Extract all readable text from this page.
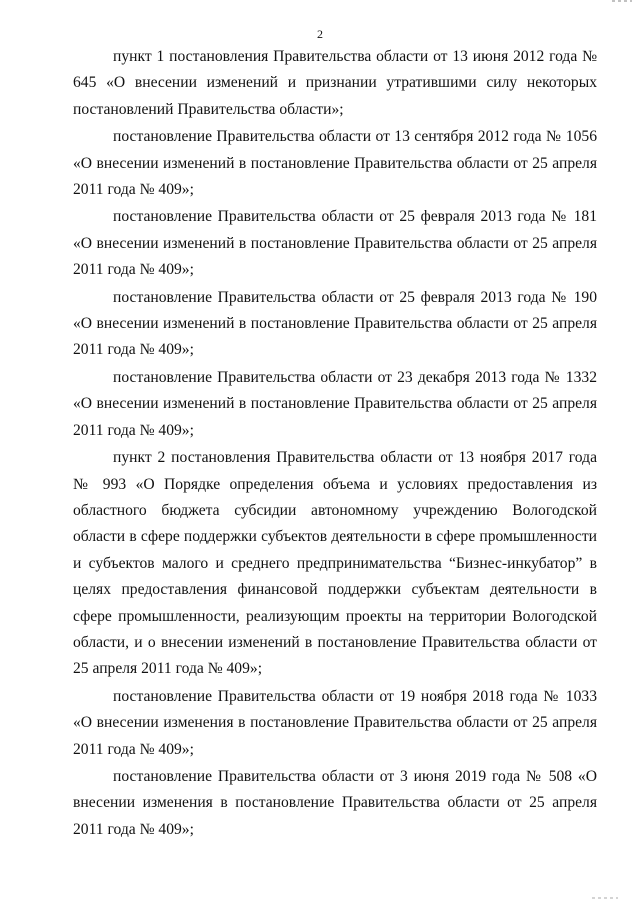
2

пункт 1 постановления Правительства области от 13 июня 2012 года № 645 «О внесении изменений и признании утратившими силу некоторых постановлений Правительства области»;

постановление Правительства области от 13 сентября 2012 года № 1056 «О внесении изменений в постановление Правительства области от 25 апреля 2011 года № 409»;

постановление Правительства области от 25 февраля 2013 года № 181 «О внесении изменений в постановление Правительства области от 25 апреля 2011 года № 409»;

постановление Правительства области от 25 февраля 2013 года № 190 «О внесении изменений в постановление Правительства области от 25 апреля 2011 года № 409»;

постановление Правительства области от 23 декабря 2013 года № 1332 «О внесении изменений в постановление Правительства области от 25 апреля 2011 года № 409»;

пункт 2 постановления Правительства области от 13 ноября 2017 года № 993 «О Порядке определения объема и условиях предоставления из областного бюджета субсидии автономному учреждению Вологодской области в сфере поддержки субъектов деятельности в сфере промышленности и субъектов малого и среднего предпринимательства “Бизнес-инкубатор” в целях предоставления финансовой поддержки субъектам деятельности в сфере промышленности, реализующим проекты на территории Вологодской области, и о внесении изменений в постановление Правительства области от 25 апреля 2011 года № 409»;

постановление Правительства области от 19 ноября 2018 года № 1033 «О внесении изменения в постановление Правительства области от 25 апреля 2011 года № 409»;

постановление Правительства области от 3 июня 2019 года № 508 «О внесении изменения в постановление Правительства области от 25 апреля 2011 года № 409»;
